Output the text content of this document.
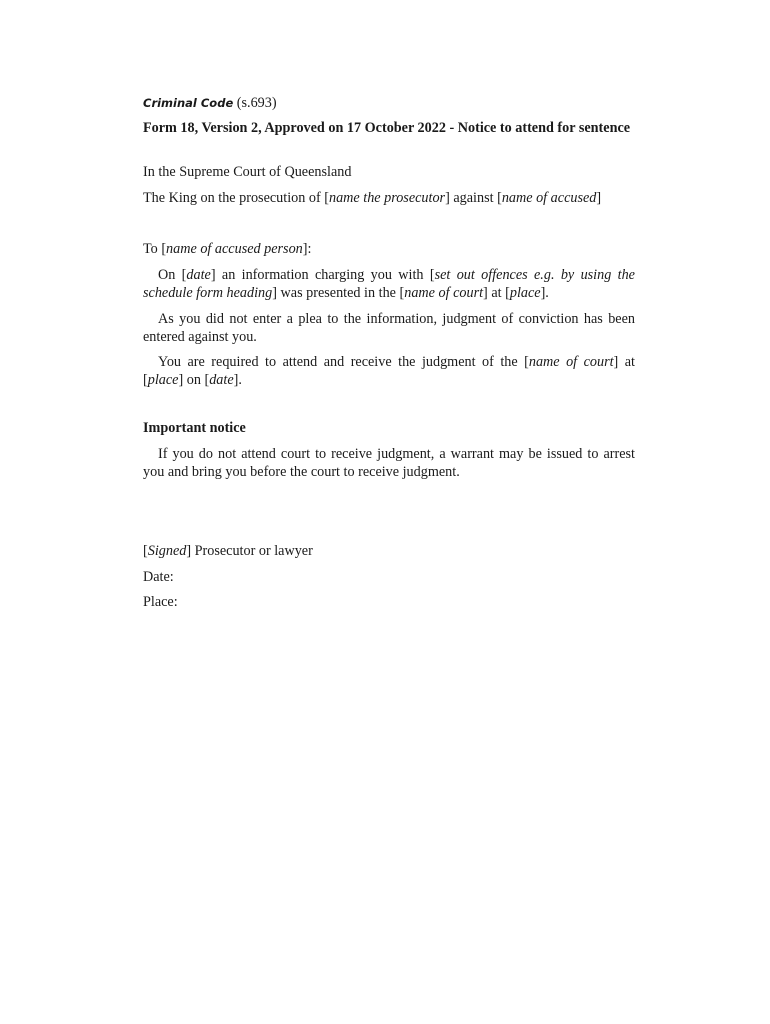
Criminal Code (s.693)

Form 18, Version 2, Approved on 17 October 2022 - Notice to attend for sentence

In the Supreme Court of Queensland

The King on the prosecution of [name the prosecutor] against [name of accused]

To [name of accused person]:

On [date] an information charging you with [set out offences e.g. by using the schedule form heading] was presented in the [name of court] at [place].

As you did not enter a plea to the information, judgment of conviction has been entered against you.

You are required to attend and receive the judgment of the [name of court] at [place] on [date].

Important notice

If you do not attend court to receive judgment, a warrant may be issued to arrest you and bring you before the court to receive judgment.

[Signed] Prosecutor or lawyer

Date:

Place:
